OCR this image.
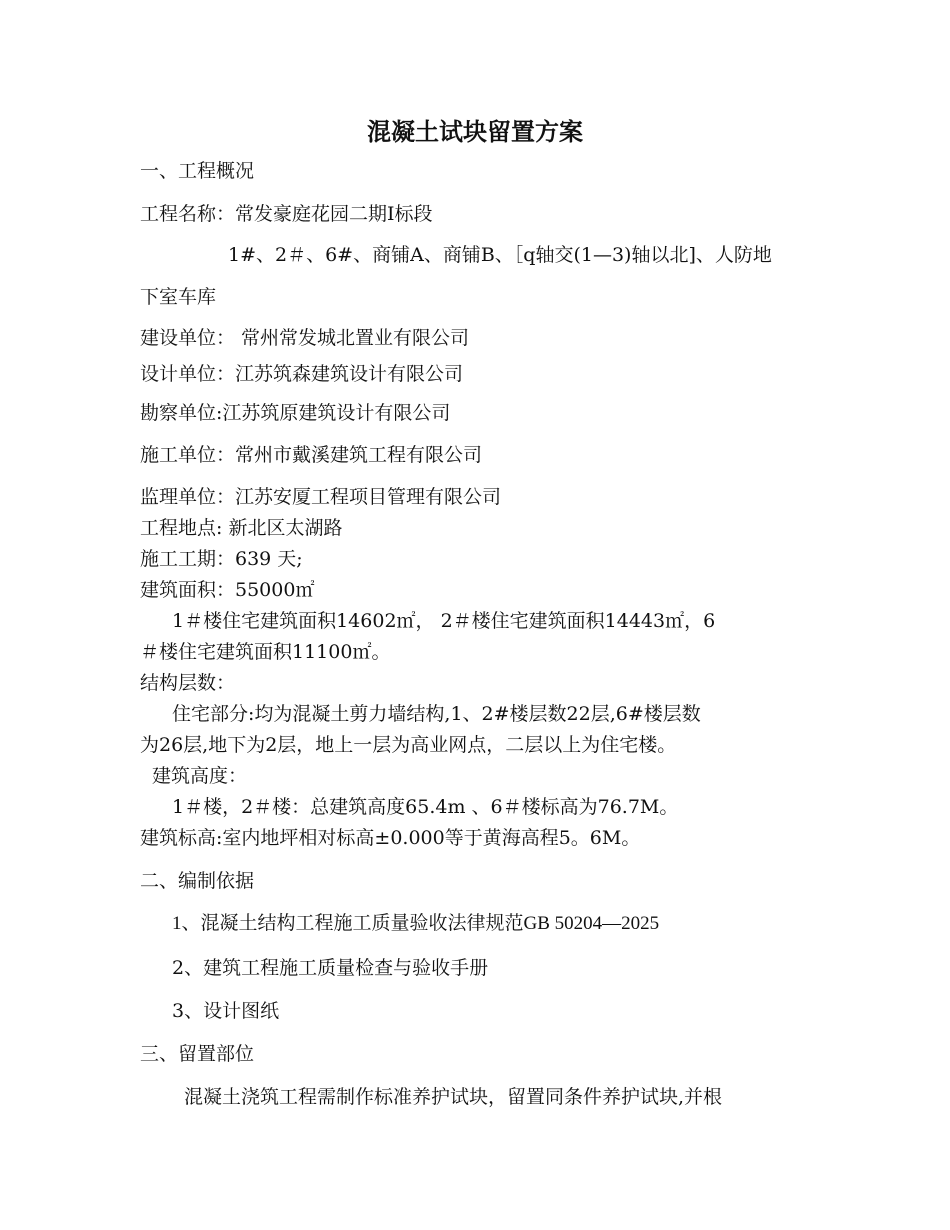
混凝土试块留置方案
一、工程概况
工程名称：常发豪庭花园二期Ⅰ标段
1#、2＃、6#、商铺A、商铺B、［q轴交(1—3)轴以北]、人防地
下室车库
建设单位： 常州常发城北置业有限公司
设计单位：江苏筑森建筑设计有限公司
勘察单位:江苏筑原建筑设计有限公司
施工单位：常州市戴溪建筑工程有限公司
监理单位：江苏安厦工程项目管理有限公司
工程地点: 新北区太湖路
施工工期：639 天;
建筑面积：55000㎡
1＃楼住宅建筑面积14602㎡， 2＃楼住宅建筑面积14443㎡，6
＃楼住宅建筑面积11100㎡。
结构层数：
住宅部分:均为混凝土剪力墙结构,1、2#楼层数22层,6#楼层数
为26层,地下为2层，地上一层为高业网点，二层以上为住宅楼。
建筑高度：
1＃楼，2＃楼：总建筑高度65.4m 、6＃楼标高为76.7M。
建筑标高:室内地坪相对标高±0.000等于黄海高程5。6M。
二、编制依据
1、混凝土结构工程施工质量验收法律规范GB 50204—2025
2、建筑工程施工质量检查与验收手册
3、设计图纸
三、留置部位
混凝土浇筑工程需制作标准养护试块，留置同条件养护试块,并根
